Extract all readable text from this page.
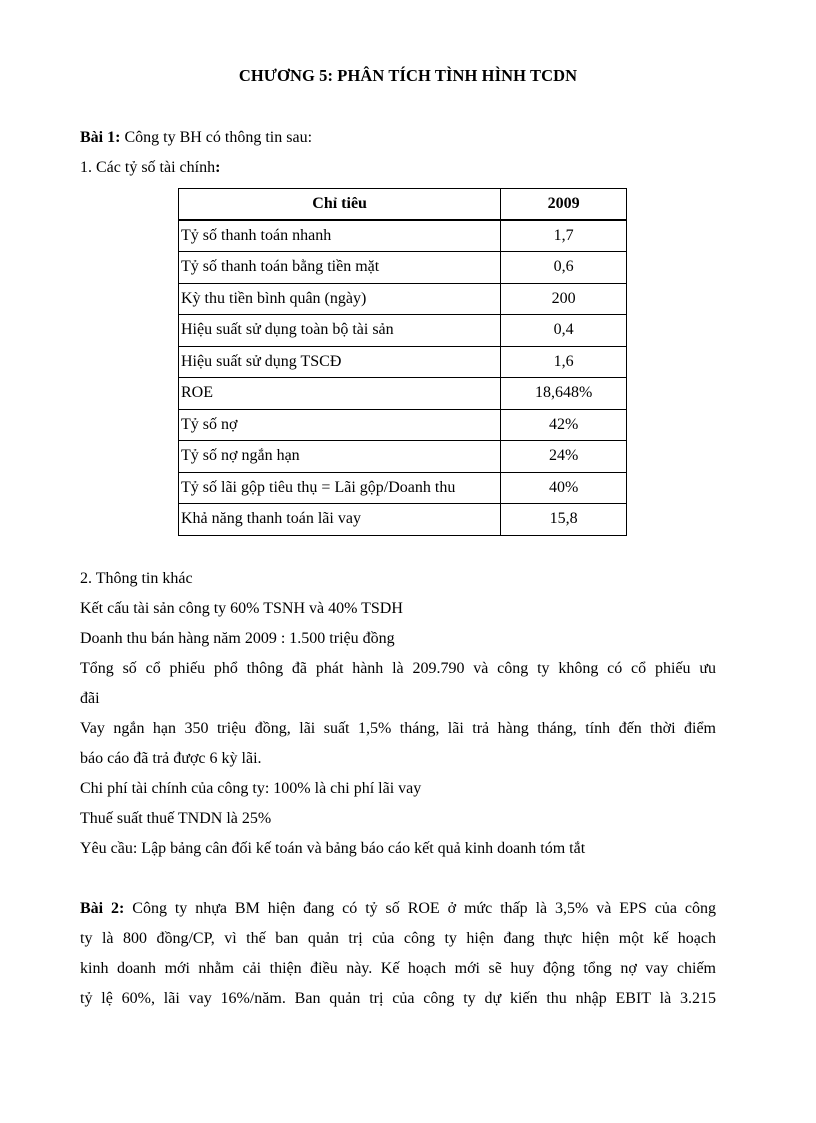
CHƯƠNG 5: PHÂN TÍCH TÌNH HÌNH TCDN
Bài 1: Công ty BH có thông tin sau:
1. Các tỷ số tài chính:
Chỉ tiêu	2009
Tỷ số thanh toán nhanh	1,7
Tỷ số thanh toán bằng tiền mặt	0,6
Kỳ thu tiền bình quân (ngày)	200
Hiệu suất sử dụng toàn bộ tài sản	0,4
Hiệu suất sử dụng TSCĐ	1,6
ROE	18,648%
Tỷ số nợ	42%
Tỷ số nợ ngắn hạn	24%
Tỷ số lãi gộp tiêu thụ = Lãi gộp/Doanh thu	40%
Khả năng thanh toán lãi vay	15,8
2. Thông tin khác
Kết cấu tài sản công ty 60% TSNH và 40% TSDH
Doanh thu bán hàng năm 2009 : 1.500 triệu đồng
Tổng số cổ phiếu phổ thông đã phát hành là 209.790 và công ty không có cổ phiếu ưu
đãi
Vay ngắn hạn 350 triệu đồng, lãi suất 1,5% tháng, lãi trả hàng tháng, tính đến thời điểm
báo cáo đã trả được 6 kỳ lãi.
Chi phí tài chính của công ty: 100% là chi phí lãi vay
Thuế suất thuế TNDN là 25%
Yêu cầu: Lập bảng cân đối kế toán và bảng báo cáo kết quả kinh doanh tóm tắt
Bài 2: Công ty nhựa BM hiện đang có tỷ số ROE ở mức thấp là 3,5% và EPS của công
ty là 800 đồng/CP, vì thế ban quản trị của công ty hiện đang thực hiện một kế hoạch
kinh doanh mới nhằm cải thiện điều này. Kế hoạch mới sẽ huy động tổng nợ vay chiếm
tỷ lệ 60%, lãi vay 16%/năm. Ban quản trị của công ty dự kiến thu nhập EBIT là 3.215
